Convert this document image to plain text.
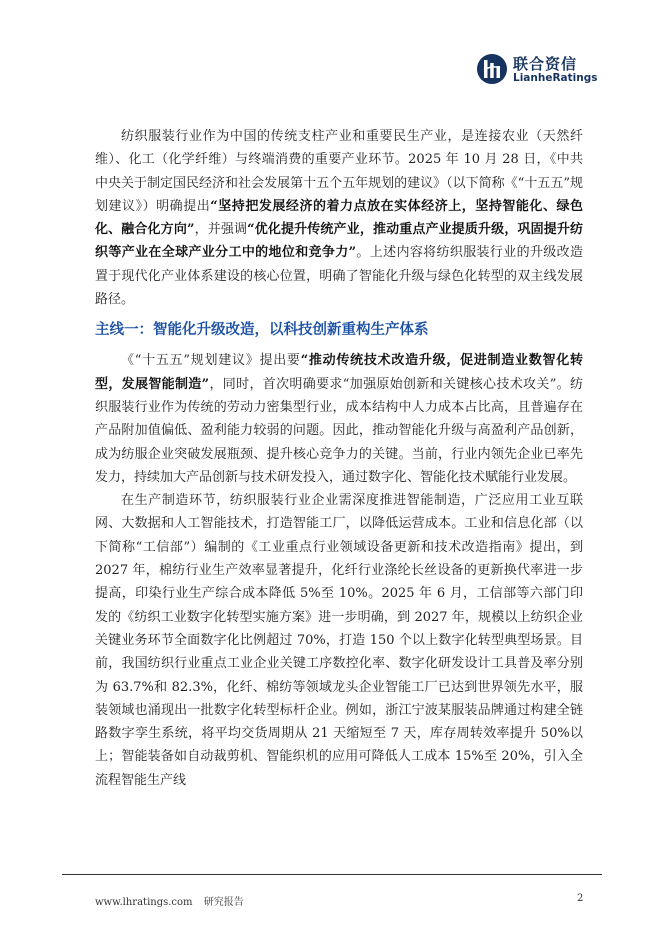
联合资信
LianheRatings

纺织服装行业作为中国的传统支柱产业和重要民生产业，是连接农业（天然纤维）、化工（化学纤维）与终端消费的重要产业环节。2025 年 10 月 28 日，《中共中央关于制定国民经济和社会发展第十五个五年规划的建议》（以下简称《“十五五”规划建议》）明确提出“坚持把发展经济的着力点放在实体经济上，坚持智能化、绿色化、融合化方向”，并强调“优化提升传统产业，推动重点产业提质升级，巩固提升纺织等产业在全球产业分工中的地位和竞争力”。上述内容将纺织服装行业的升级改造置于现代化产业体系建设的核心位置，明确了智能化升级与绿色化转型的双主线发展路径。

主线一：智能化升级改造，以科技创新重构生产体系

《“十五五”规划建议》提出要“推动传统技术改造升级，促进制造业数智化转型，发展智能制造”，同时，首次明确要求“加强原始创新和关键核心技术攻关”。纺织服装行业作为传统的劳动力密集型行业，成本结构中人力成本占比高，且普遍存在产品附加值偏低、盈利能力较弱的问题。因此，推动智能化升级与高盈利产品创新，成为纺服企业突破发展瓶颈、提升核心竞争力的关键。当前，行业内领先企业已率先发力，持续加大产品创新与技术研发投入，通过数字化、智能化技术赋能行业发展。

在生产制造环节，纺织服装行业企业需深度推进智能制造，广泛应用工业互联网、大数据和人工智能技术，打造智能工厂，以降低运营成本。工业和信息化部（以下简称“工信部”）编制的《工业重点行业领域设备更新和技术改造指南》提出，到 2027 年，棉纺行业生产效率显著提升，化纤行业涤纶长丝设备的更新换代率进一步提高，印染行业生产综合成本降低 5%至 10%。2025 年 6 月，工信部等六部门印发的《纺织工业数字化转型实施方案》进一步明确，到 2027 年，规模以上纺织企业关键业务环节全面数字化比例超过 70%，打造 150 个以上数字化转型典型场景。目前，我国纺织行业重点工业企业关键工序数控化率、数字化研发设计工具普及率分别为 63.7%和 82.3%，化纤、棉纺等领域龙头企业智能工厂已达到世界领先水平，服装领域也涌现出一批数字化转型标杆企业。例如，浙江宁波某服装品牌通过构建全链路数字孪生系统，将平均交货周期从 21 天缩短至 7 天，库存周转效率提升 50%以上；智能装备如自动裁剪机、智能织机的应用可降低人工成本 15%至 20%，引入全流程智能生产线

www.lhratings.com 研究报告	2
